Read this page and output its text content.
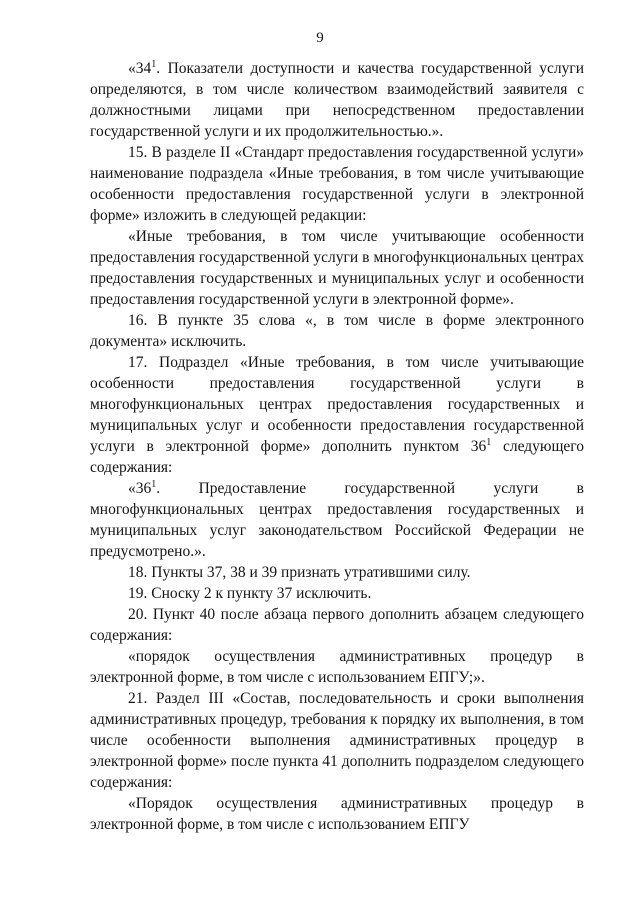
9

«$34^1$. Показатели доступности и качества государственной услуги определяются, в том числе количеством взаимодействий заявителя с должностными лицами при непосредственном предоставлении государственной услуги и их продолжительностью.».

15. В разделе II «Стандарт предоставления государственной услуги» наименование подраздела «Иные требования, в том числе учитывающие особенности предоставления государственной услуги в электронной форме» изложить в следующей редакции:

«Иные требования, в том числе учитывающие особенности предоставления государственной услуги в многофункциональных центрах предоставления государственных и муниципальных услуг и особенности предоставления государственной услуги в электронной форме».

16. В пункте 35 слова «, в том числе в форме электронного документа» исключить.

17. Подраздел «Иные требования, в том числе учитывающие особенности предоставления государственной услуги в многофункциональных центрах предоставления государственных и муниципальных услуг и особенности предоставления государственной услуги в электронной форме» дополнить пунктом $36^1$ следующего содержания:

«$36^1$. Предоставление государственной услуги в многофункциональных центрах предоставления государственных и муниципальных услуг законодательством Российской Федерации не предусмотрено.».

18. Пункты 37, 38 и 39 признать утратившими силу.

19. Сноску 2 к пункту 37 исключить.

20. Пункт 40 после абзаца первого дополнить абзацем следующего содержания:

«порядок осуществления административных процедур в электронной форме, в том числе с использованием ЕПГУ;».

21. Раздел III «Состав, последовательность и сроки выполнения административных процедур, требования к порядку их выполнения, в том числе особенности выполнения административных процедур в электронной форме» после пункта 41 дополнить подразделом следующего содержания:

«Порядок осуществления административных процедур в электронной форме, в том числе с использованием ЕПГУ
